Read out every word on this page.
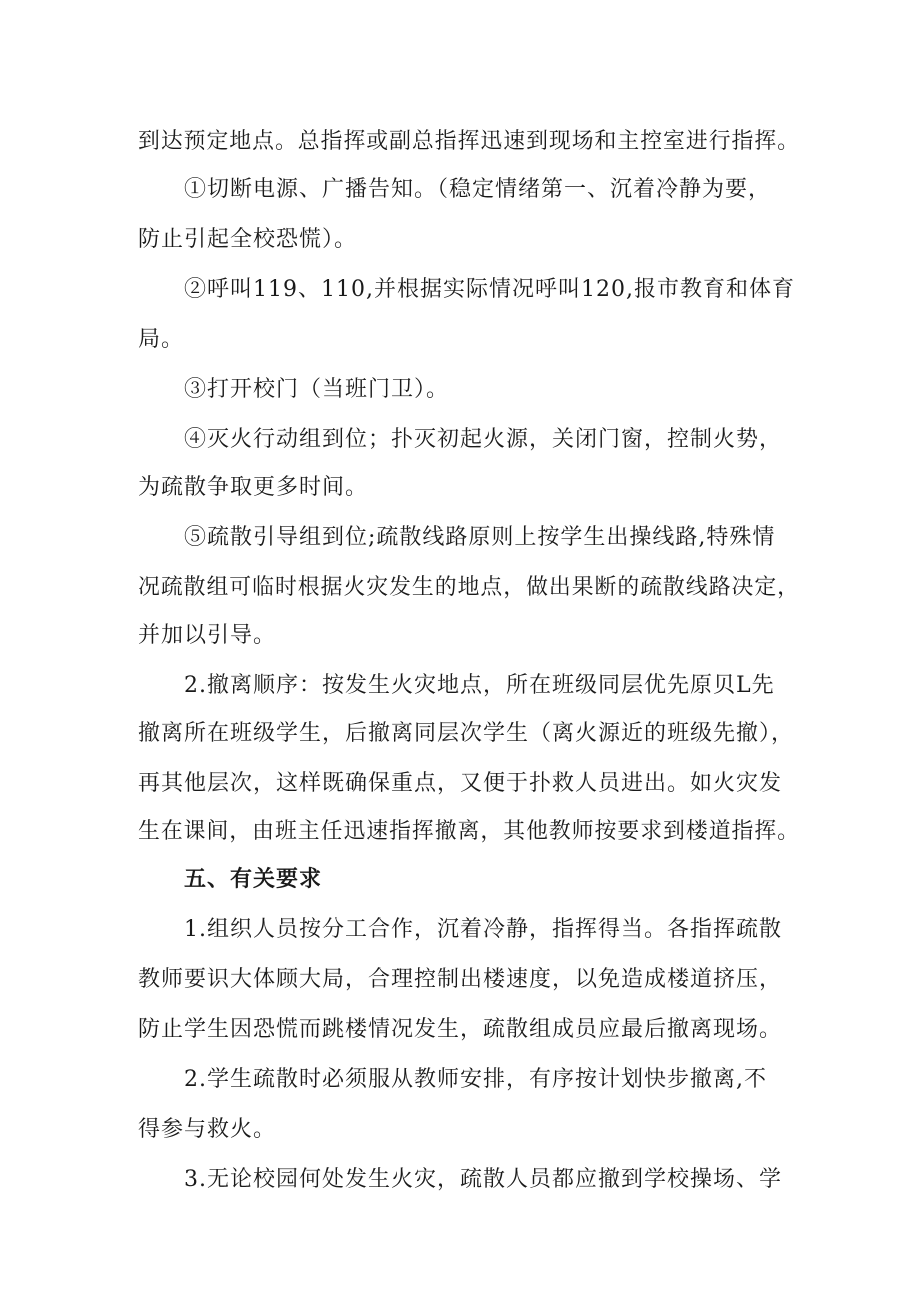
到达预定地点。总指挥或副总指挥迅速到现场和主控室进行指挥。
①切断电源、广播告知。（稳定情绪第一、沉着冷静为要，
防止引起全校恐慌）。
②呼叫119、110,并根据实际情况呼叫120,报市教育和体育
局。
③打开校门（当班门卫）。
④灭火行动组到位；扑灭初起火源，关闭门窗，控制火势，
为疏散争取更多时间。
⑤疏散引导组到位;疏散线路原则上按学生出操线路,特殊情
况疏散组可临时根据火灾发生的地点，做出果断的疏散线路决定，
并加以引导。
2.撤离顺序：按发生火灾地点，所在班级同层优先原贝L先
撤离所在班级学生，后撤离同层次学生（离火源近的班级先撤），
再其他层次，这样既确保重点，又便于扑救人员进出。如火灾发
生在课间，由班主任迅速指挥撤离，其他教师按要求到楼道指挥。
五、有关要求
1.组织人员按分工合作，沉着冷静，指挥得当。各指挥疏散
教师要识大体顾大局，合理控制出楼速度，以免造成楼道挤压，
防止学生因恐慌而跳楼情况发生，疏散组成员应最后撤离现场。
2.学生疏散时必须服从教师安排，有序按计划快步撤离,不
得参与救火。
3.无论校园何处发生火灾，疏散人员都应撤到学校操场、学
